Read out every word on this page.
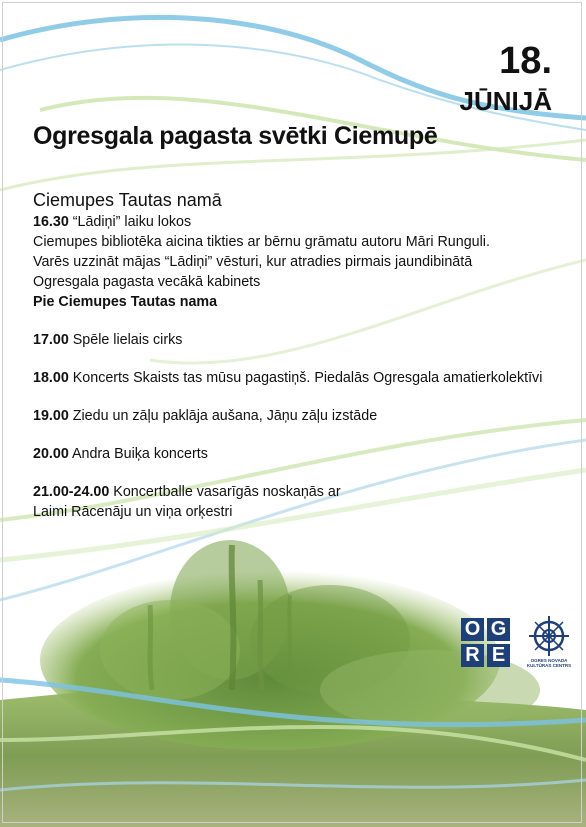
18.
JŪNIJĀ
Ogresgala pagasta svētki Ciemupē
Ciemupes Tautas namā

16.30 “Lādiņi” laiku lokos

Ciemupes bibliotēka aicina tikties ar bērnu grāmatu autoru Māri Runguli.

Varēs uzzināt mājas “Lādiņi” vēsturi, kur atradies pirmais jaundibinātā

Ogresgala pagasta vecākā kabinets

Pie Ciemupes Tautas nama

17.00 Spēle lielais cirks

18.00 Koncerts Skaists tas mūsu pagastiņš. Piedalās Ogresgala amatierkolektīvi

19.00 Ziedu un zāļu paklāja aušana, Jāņu zāļu izstāde

20.00 Andra Buiķa koncerts

21.00-24.00 Koncertballe vasarīgās noskaņās ar

Laimi Rācenāju un viņa orķestri

O G
R E	OGRES NOVADA KULTŪRAS CENTRS
